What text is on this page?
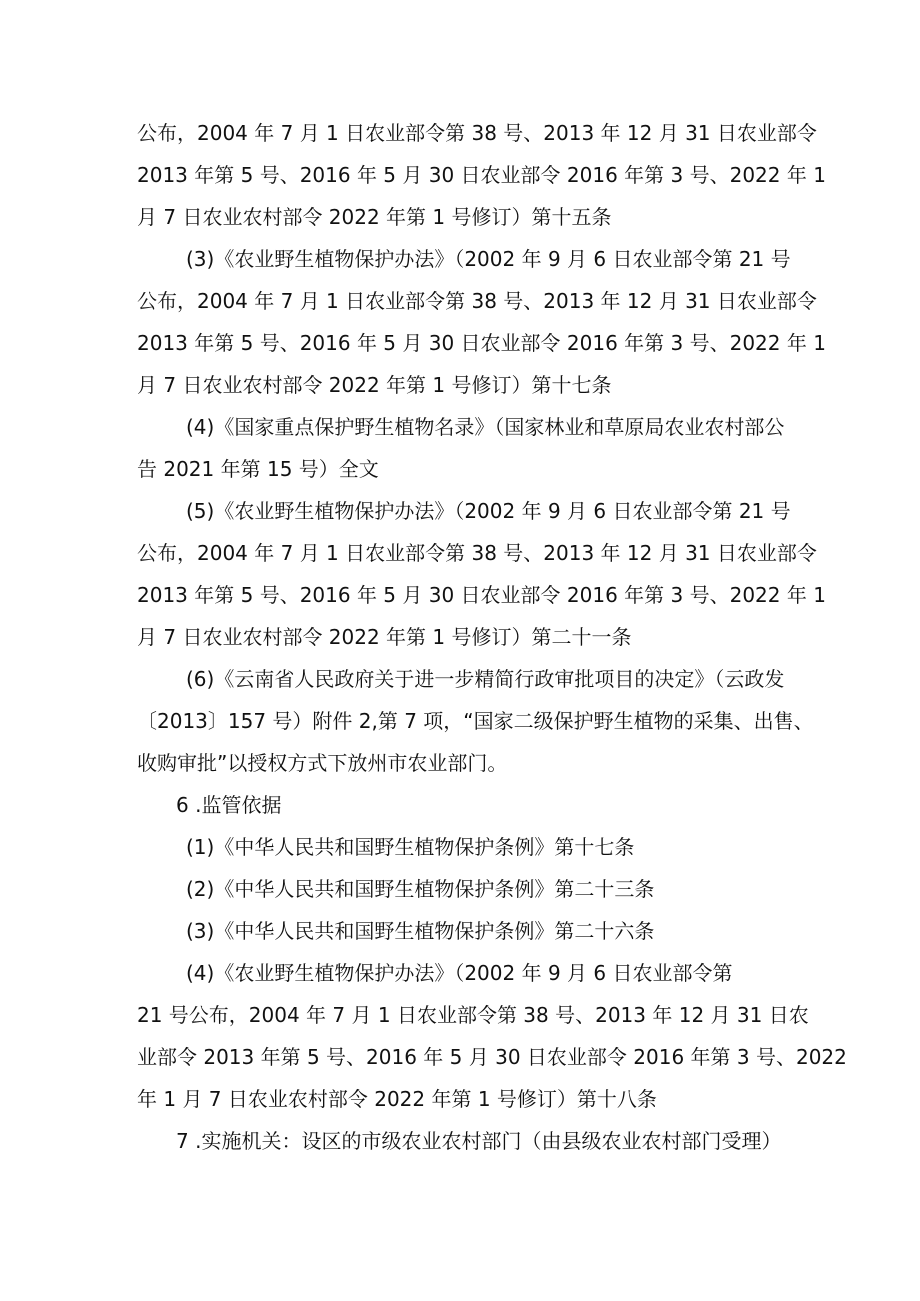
公布，2004 年 7 月 1 日农业部令第 38 号、2013 年 12 月 31 日农业部令
2013 年第 5 号、2016 年 5 月 30 日农业部令 2016 年第 3 号、2022 年 1
月 7 日农业农村部令 2022 年第 1 号修订）第十五条
(3)《农业野生植物保护办法》（2002 年 9 月 6 日农业部令第 21 号
公布，2004 年 7 月 1 日农业部令第 38 号、2013 年 12 月 31 日农业部令
2013 年第 5 号、2016 年 5 月 30 日农业部令 2016 年第 3 号、2022 年 1
月 7 日农业农村部令 2022 年第 1 号修订）第十七条
(4)《国家重点保护野生植物名录》（国家林业和草原局农业农村部公
告 2021 年第 15 号）全文
(5)《农业野生植物保护办法》（2002 年 9 月 6 日农业部令第 21 号
公布，2004 年 7 月 1 日农业部令第 38 号、2013 年 12 月 31 日农业部令
2013 年第 5 号、2016 年 5 月 30 日农业部令 2016 年第 3 号、2022 年 1
月 7 日农业农村部令 2022 年第 1 号修订）第二十一条
(6)《云南省人民政府关于进一步精简行政审批项目的决定》（云政发
〔2013〕157 号）附件 2,第 7 项，“国家二级保护野生植物的采集、出售、
收购审批”以授权方式下放州市农业部门。
6 .监管依据
(1)《中华人民共和国野生植物保护条例》第十七条
(2)《中华人民共和国野生植物保护条例》第二十三条
(3)《中华人民共和国野生植物保护条例》第二十六条
(4)《农业野生植物保护办法》（2002 年 9 月 6 日农业部令第
21 号公布，2004 年 7 月 1 日农业部令第 38 号、2013 年 12 月 31 日农
业部令 2013 年第 5 号、2016 年 5 月 30 日农业部令 2016 年第 3 号、2022
年 1 月 7 日农业农村部令 2022 年第 1 号修订）第十八条
7 .实施机关：设区的市级农业农村部门（由县级农业农村部门受理）
